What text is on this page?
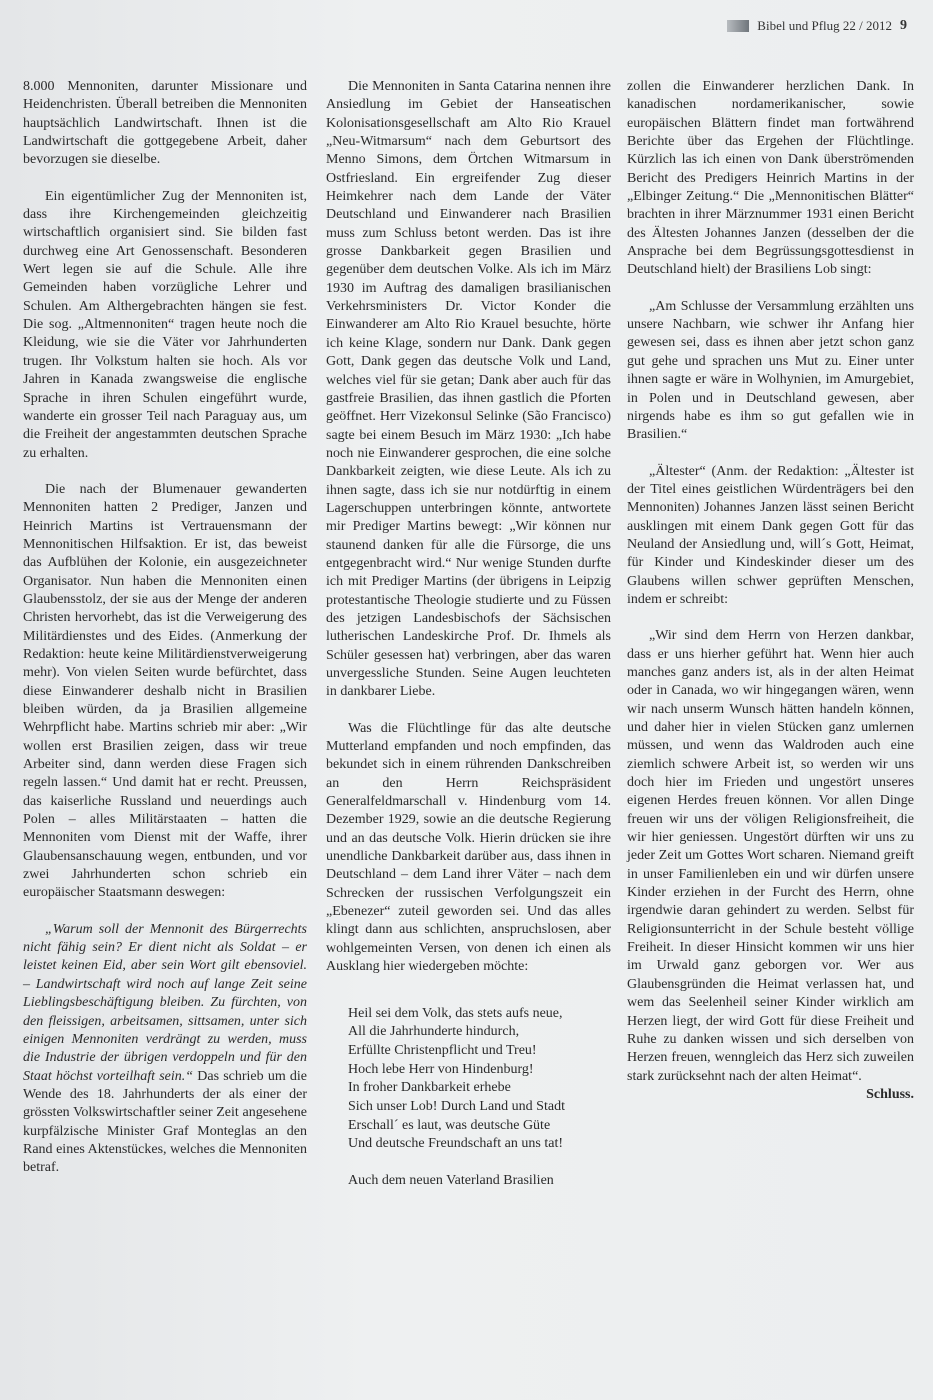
Bibel und Pflug 22 / 2012 9

8.000 Mennoniten, darunter Missionare und Heidenchristen. Überall betreiben die Mennoniten hauptsächlich Landwirtschaft. Ihnen ist die Landwirtschaft die gottgegebene Arbeit, daher bevorzugen sie dieselbe.

Ein eigentümlicher Zug der Mennoniten ist, dass ihre Kirchengemeinden gleichzeitig wirtschaftlich organisiert sind. Sie bilden fast durchweg eine Art Genossenschaft. Besonderen Wert legen sie auf die Schule. Alle ihre Gemeinden haben vorzügliche Lehrer und Schulen. Am Althergebrachten hängen sie fest. Die sog. „Altmennoniten“ tragen heute noch die Kleidung, wie sie die Väter vor Jahrhunderten trugen. Ihr Volkstum halten sie hoch. Als vor Jahren in Kanada zwangsweise die englische Sprache in ihren Schulen eingeführt wurde, wanderte ein grosser Teil nach Paraguay aus, um die Freiheit der angestammten deutschen Sprache zu erhalten.

Die nach der Blumenauer gewanderten Mennoniten hatten 2 Prediger, Janzen und Heinrich Martins ist Vertrauensmann der Mennonitischen Hilfsaktion. Er ist, das beweist das Aufblühen der Kolonie, ein ausgezeichneter Organisator. Nun haben die Mennoniten einen Glaubensstolz, der sie aus der Menge der anderen Christen hervorhebt, das ist die Verweigerung des Militärdienstes und des Eides. (Anmerkung der Redaktion: heute keine Militärdienstverweigerung mehr). Von vielen Seiten wurde befürchtet, dass diese Einwanderer deshalb nicht in Brasilien bleiben würden, da ja Brasilien allgemeine Wehrpflicht habe. Martins schrieb mir aber: „Wir wollen erst Brasilien zeigen, dass wir treue Arbeiter sind, dann werden diese Fragen sich regeln lassen.“ Und damit hat er recht. Preussen, das kaiserliche Russland und neuerdings auch Polen – alles Militärstaaten – hatten die Mennoniten vom Dienst mit der Waffe, ihrer Glaubensanschauung wegen, entbunden, und vor zwei Jahrhunderten schon schrieb ein europäischer Staatsmann deswegen:

„Warum soll der Mennonit des Bürgerrechts nicht fähig sein? Er dient nicht als Soldat – er leistet keinen Eid, aber sein Wort gilt ebensoviel. – Landwirtschaft wird noch auf lange Zeit seine Lieblingsbeschäftigung bleiben. Zu fürchten, von den fleissigen, arbeitsamen, sittsamen, unter sich einigen Mennoniten verdrängt zu werden, muss die Industrie der übrigen verdoppeln und für den Staat höchst vorteilhaft sein.“ Das schrieb um die Wende des 18. Jahrhunderts der als einer der grössten Volkswirtschaftler seiner Zeit angesehene kurpfälzische Minister Graf Monteglas an den Rand eines Aktenstückes, welches die Mennoniten betraf.

Die Mennoniten in Santa Catarina nennen ihre Ansiedlung im Gebiet der Hanseatischen Kolonisationsgesellschaft am Alto Rio Krauel „Neu-Witmarsum“ nach dem Geburtsort des Menno Simons, dem Örtchen Witmarsum in Ostfriesland. Ein ergreifender Zug dieser Heimkehrer nach dem Lande der Väter Deutschland und Einwanderer nach Brasilien muss zum Schluss betont werden. Das ist ihre grosse Dankbarkeit gegen Brasilien und gegenüber dem deutschen Volke. Als ich im März 1930 im Auftrag des damaligen brasilianischen Verkehrsministers Dr. Victor Konder die Einwanderer am Alto Rio Krauel besuchte, hörte ich keine Klage, sondern nur Dank. Dank gegen Gott, Dank gegen das deutsche Volk und Land, welches viel für sie getan; Dank aber auch für das gastfreie Brasilien, das ihnen gastlich die Pforten geöffnet. Herr Vizekonsul Selinke (São Francisco) sagte bei einem Besuch im März 1930: „Ich habe noch nie Einwanderer gesprochen, die eine solche Dankbarkeit zeigten, wie diese Leute. Als ich zu ihnen sagte, dass ich sie nur notdürftig in einem Lagerschuppen unterbringen könnte, antwortete mir Prediger Martins bewegt: „Wir können nur staunend danken für alle die Fürsorge, die uns entgegenbracht wird.“ Nur wenige Stunden durfte ich mit Prediger Martins (der übrigens in Leipzig protestantische Theologie studierte und zu Füssen des jetzigen Landesbischofs der Sächsischen lutherischen Landeskirche Prof. Dr. Ihmels als Schüler gesessen hat) verbringen, aber das waren unvergessliche Stunden. Seine Augen leuchteten in dankbarer Liebe.

Was die Flüchtlinge für das alte deutsche Mutterland empfanden und noch empfinden, das bekundet sich in einem rührenden Dankschreiben an den Herrn Reichspräsident Generalfeldmarschall v. Hindenburg vom 14. Dezember 1929, sowie an die deutsche Regierung und an das deutsche Volk. Hierin drücken sie ihre unendliche Dankbarkeit darüber aus, dass ihnen in Deutschland – dem Land ihrer Väter – nach dem Schrecken der russischen Verfolgungszeit ein „Ebenezer“ zuteil geworden sei. Und das alles klingt dann aus schlichten, anspruchslosen, aber wohlgemeinten Versen, von denen ich einen als Ausklang hier wiedergeben möchte:

Heil sei dem Volk, das stets aufs neue,
All die Jahrhunderte hindurch,
Erfüllte Christenpflicht und Treu!
Hoch lebe Herr von Hindenburg!
In froher Dankbarkeit erhebe
Sich unser Lob! Durch Land und Stadt
Erschall´ es laut, was deutsche Güte
Und deutsche Freundschaft an uns tat!

Auch dem neuen Vaterland Brasilien

zollen die Einwanderer herzlichen Dank. In kanadischen nordamerikanischer, sowie europäischen Blättern findet man fortwährend Berichte über das Ergehen der Flüchtlinge. Kürzlich las ich einen von Dank überströmenden Bericht des Predigers Heinrich Martins in der „Elbinger Zeitung.“ Die „Mennonitischen Blätter“ brachten in ihrer Märznummer 1931 einen Bericht des Ältesten Johannes Janzen (desselben der die Ansprache bei dem Begrüssungsgottesdienst in Deutschland hielt) der Brasiliens Lob singt:

„Am Schlusse der Versammlung erzählten uns unsere Nachbarn, wie schwer ihr Anfang hier gewesen sei, dass es ihnen aber jetzt schon ganz gut gehe und sprachen uns Mut zu. Einer unter ihnen sagte er wäre in Wolhynien, im Amurgebiet, in Polen und in Deutschland gewesen, aber nirgends habe es ihm so gut gefallen wie in Brasilien.“

„Ältester“ (Anm. der Redaktion: „Ältester ist der Titel eines geistlichen Würdenträgers bei den Mennoniten) Johannes Janzen lässt seinen Bericht ausklingen mit einem Dank gegen Gott für das Neuland der Ansiedlung und, will´s Gott, Heimat, für Kinder und Kindeskinder dieser um des Glaubens willen schwer geprüften Menschen, indem er schreibt:

„Wir sind dem Herrn von Herzen dankbar, dass er uns hierher geführt hat. Wenn hier auch manches ganz anders ist, als in der alten Heimat oder in Canada, wo wir hingegangen wären, wenn wir nach unserm Wunsch hätten handeln können, und daher hier in vielen Stücken ganz umlernen müssen, und wenn das Waldroden auch eine ziemlich schwere Arbeit ist, so werden wir uns doch hier im Frieden und ungestört unseres eigenen Herdes freuen können. Vor allen Dinge freuen wir uns der völigen Religionsfreiheit, die wir hier geniessen. Ungestört dürften wir uns zu jeder Zeit um Gottes Wort scharen. Niemand greift in unser Familienleben ein und wir dürfen unsere Kinder erziehen in der Furcht des Herrn, ohne irgendwie daran gehindert zu werden. Selbst für Religionsunterricht in der Schule besteht völlige Freiheit. In dieser Hinsicht kommen wir uns hier im Urwald ganz geborgen vor. Wer aus Glaubensgründen die Heimat verlassen hat, und wem das Seelenheil seiner Kinder wirklich am Herzen liegt, der wird Gott für diese Freiheit und Ruhe zu danken wissen und sich derselben von Herzen freuen, wenngleich das Herz sich zuweilen stark zurücksehnt nach der alten Heimat“.

Schluss.
